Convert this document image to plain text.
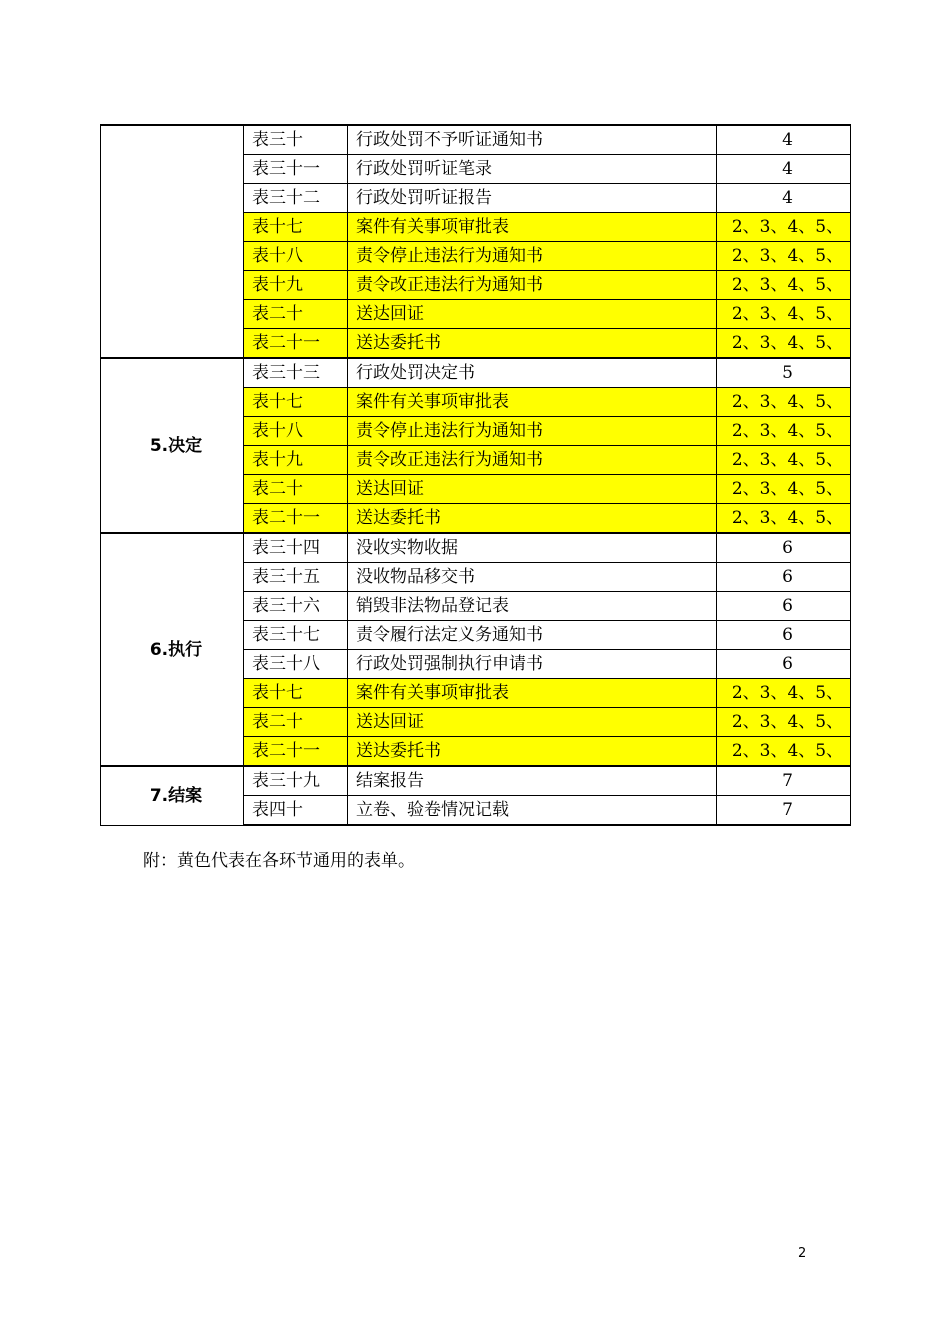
	表三十	行政处罚不予听证通知书	4
	表三十一	行政处罚听证笔录	4
	表三十二	行政处罚听证报告	4
	表十七	案件有关事项审批表	2、3、4、5、
	表十八	责令停止违法行为通知书	2、3、4、5、
	表十九	责令改正违法行为通知书	2、3、4、5、
	表二十	送达回证	2、3、4、5、
	表二十一	送达委托书	2、3、4、5、
5.决定	表三十三	行政处罚决定书	5
	表十七	案件有关事项审批表	2、3、4、5、
	表十八	责令停止违法行为通知书	2、3、4、5、
	表十九	责令改正违法行为通知书	2、3、4、5、
	表二十	送达回证	2、3、4、5、
	表二十一	送达委托书	2、3、4、5、
6.执行	表三十四	没收实物收据	6
	表三十五	没收物品移交书	6
	表三十六	销毁非法物品登记表	6
	表三十七	责令履行法定义务通知书	6
	表三十八	行政处罚强制执行申请书	6
	表十七	案件有关事项审批表	2、3、4、5、
	表二十	送达回证	2、3、4、5、
	表二十一	送达委托书	2、3、4、5、
7.结案	表三十九	结案报告	7
	表四十	立卷、验卷情况记载	7
附：黄色代表在各环节通用的表单。
2
